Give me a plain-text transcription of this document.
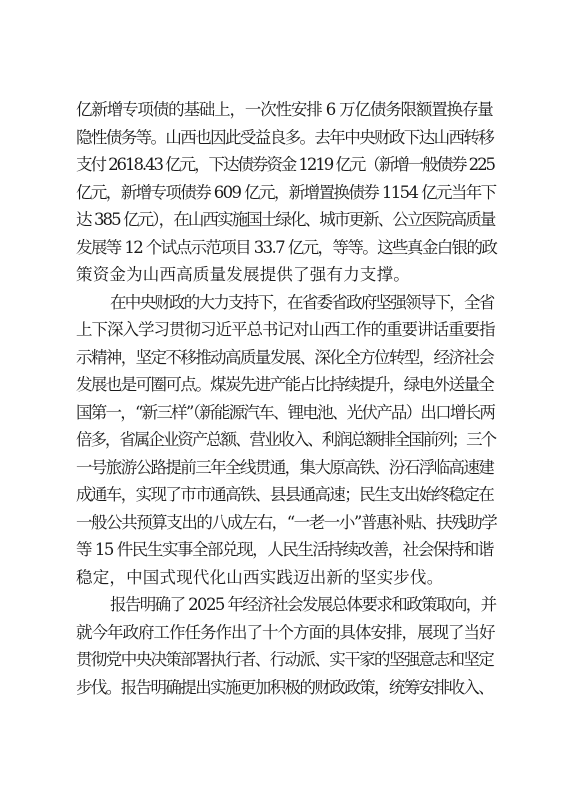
亿新增专项债的基础上，一次性安排 6 万亿债务限额置换存量
隐性债务等。山西也因此受益良多。去年中央财政下达山西转移
支付 2618.43 亿元，下达债券资金 1219 亿元（新增一般债券 225
亿元，新增专项债券 609 亿元，新增置换债券 1154 亿元当年下
达 385 亿元），在山西实施国土绿化、城市更新、公立医院高质量
发展等 12 个试点示范项目 33.7 亿元，等等。这些真金白银的政
策资金为山西高质量发展提供了强有力支撑。
在中央财政的大力支持下，在省委省政府坚强领导下，全省
上下深入学习贯彻习近平总书记对山西工作的重要讲话重要指
示精神，坚定不移推动高质量发展、深化全方位转型，经济社会
发展也是可圈可点。煤炭先进产能占比持续提升，绿电外送量全
国第一，“新三样”（新能源汽车、锂电池、光伏产品）出口增长两
倍多，省属企业资产总额、营业收入、利润总额排全国前列；三个
一号旅游公路提前三年全线贯通，集大原高铁、汾石浮临高速建
成通车，实现了市市通高铁、县县通高速；民生支出始终稳定在
一般公共预算支出的八成左右，“一老一小”普惠补贴、扶残助学
等 15 件民生实事全部兑现，人民生活持续改善，社会保持和谐
稳定，中国式现代化山西实践迈出新的坚实步伐。
报告明确了 2025 年经济社会发展总体要求和政策取向，并
就今年政府工作任务作出了十个方面的具体安排，展现了当好
贯彻党中央决策部署执行者、行动派、实干家的坚强意志和坚定
步伐。报告明确提出实施更加积极的财政政策，统筹安排收入、
